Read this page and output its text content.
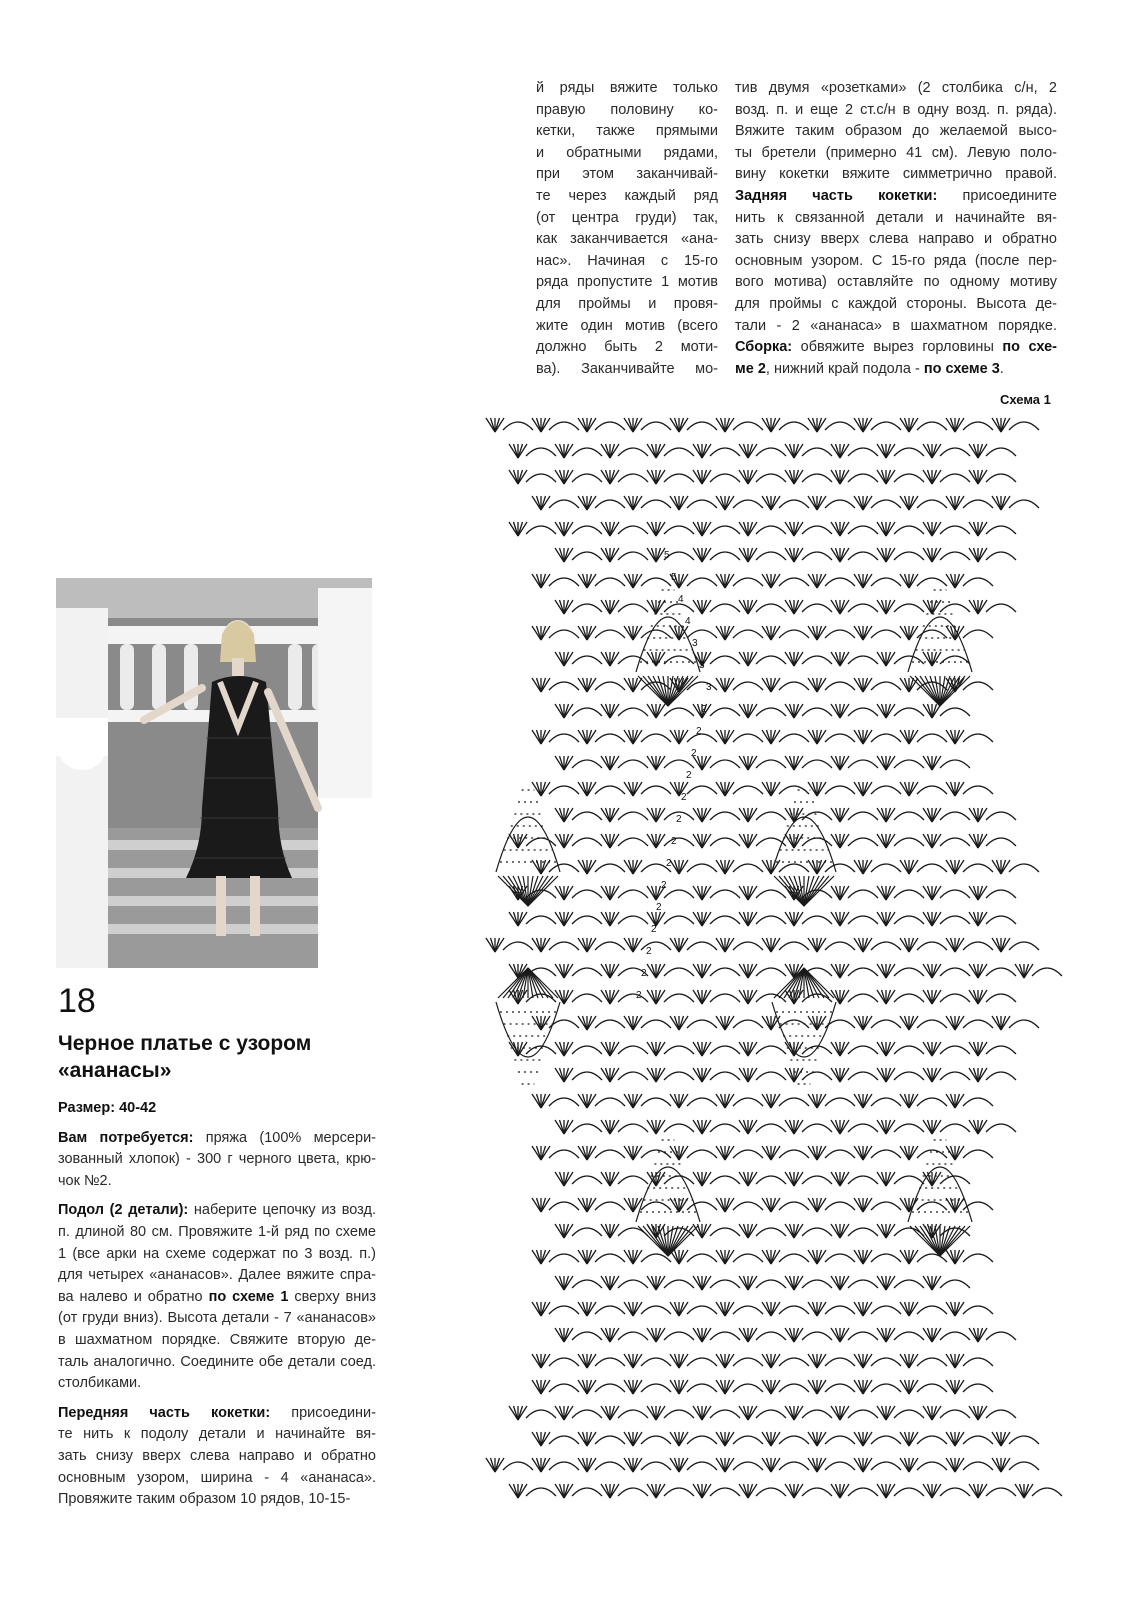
й ряды вяжите только

правую половину ко-

кетки, также прямыми

и обратными рядами,

при этом заканчивай-

те через каждый ряд

(от центра груди) так,

как заканчивается «ана-

нас». Начиная с 15-го

ряда пропустите 1 мотив

для проймы и провя-

жите один мотив (всего

должно быть 2 моти-

ва). Заканчивайте мо-

тив двумя «розетками» (2 столбика с/н, 2

возд. п. и еще 2 ст.с/н в одну возд. п. ряда).

Вяжите таким образом до желаемой высо-

ты бретели (примерно 41 см). Левую поло-

вину кокетки вяжите симметрично правой.

Задняя часть кокетки: присоедините

нить к связанной детали и начинайте вя-

зать снизу вверх слева направо и обратно

основным узором. С 15-го ряда (после пер-

вого мотива) оставляйте по одному мотиву

для проймы с каждой стороны. Высота де-

тали - 2 «ананаса» в шахматном порядке.

Сборка: обвяжите вырез горловины по схе-

ме 2, нижний край подола - по схеме 3.

Схема 1
18
Черное платье с узором
«ананасы»
Размер: 40-42
Вам потребуется: пряжа (100% мерсери-
зованный хлопок) - 300 г черного цвета, крю-
чок №2.
Подол (2 детали): наберите цепочку из возд.
п. длиной 80 см. Провяжите 1-й ряд по схеме
1 (все арки на схеме содержат по 3 возд. п.)
для четырех «ананасов». Далее вяжите спра-
ва налево и обратно по схеме 1 сверху вниз
(от груди вниз). Высота детали - 7 «ананасов»
в шахматном порядке. Свяжите вторую де-
таль аналогично. Соедините обе детали соед.
столбиками.
Передняя часть кокетки: присоедини-
те нить к подолу детали и начинайте вя-
зать снизу вверх слева направо и обратно
основным узором, ширина - 4 «ананаса».
Провяжите таким образом 10 рядов, 10-15-
5
5
4
4
3
3
3
2
2
2
2
2
2
2
2
2
2
2
2
2
2
